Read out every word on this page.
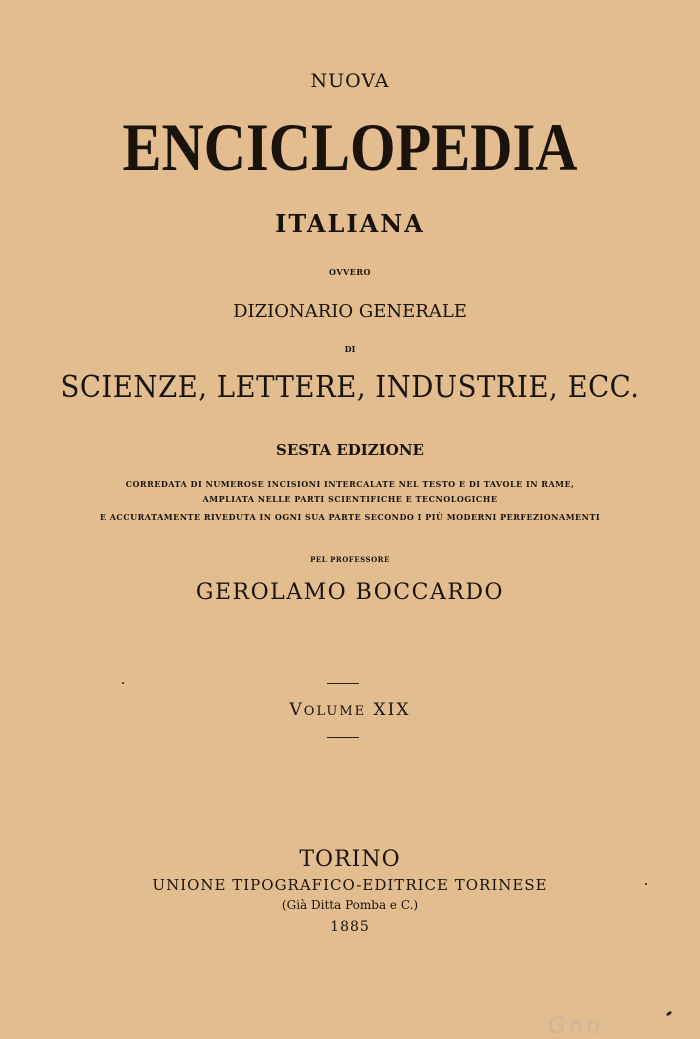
NUOVA
ENCICLOPEDIA
ITALIANA
OVVERO
DIZIONARIO GENERALE
DI
SCIENZE, LETTERE, INDUSTRIE, ECC.
SESTA EDIZIONE
CORREDATA DI NUMEROSE INCISIONI INTERCALATE NEL TESTO E DI TAVOLE IN RAME,
AMPLIATA NELLE PARTI SCIENTIFICHE E TECNOLOGICHE
E ACCURATAMENTE RIVEDUTA IN OGNI SUA PARTE SECONDO I PIÙ MODERNI PERFEZIONAMENTI
PEL PROFESSORE
GEROLAMO BOCCARDO
VOLUME XIX
TORINO
UNIONE TIPOGRAFICO-EDITRICE TORINESE
(Già Ditta Pomba e C.)
1885
Goo
